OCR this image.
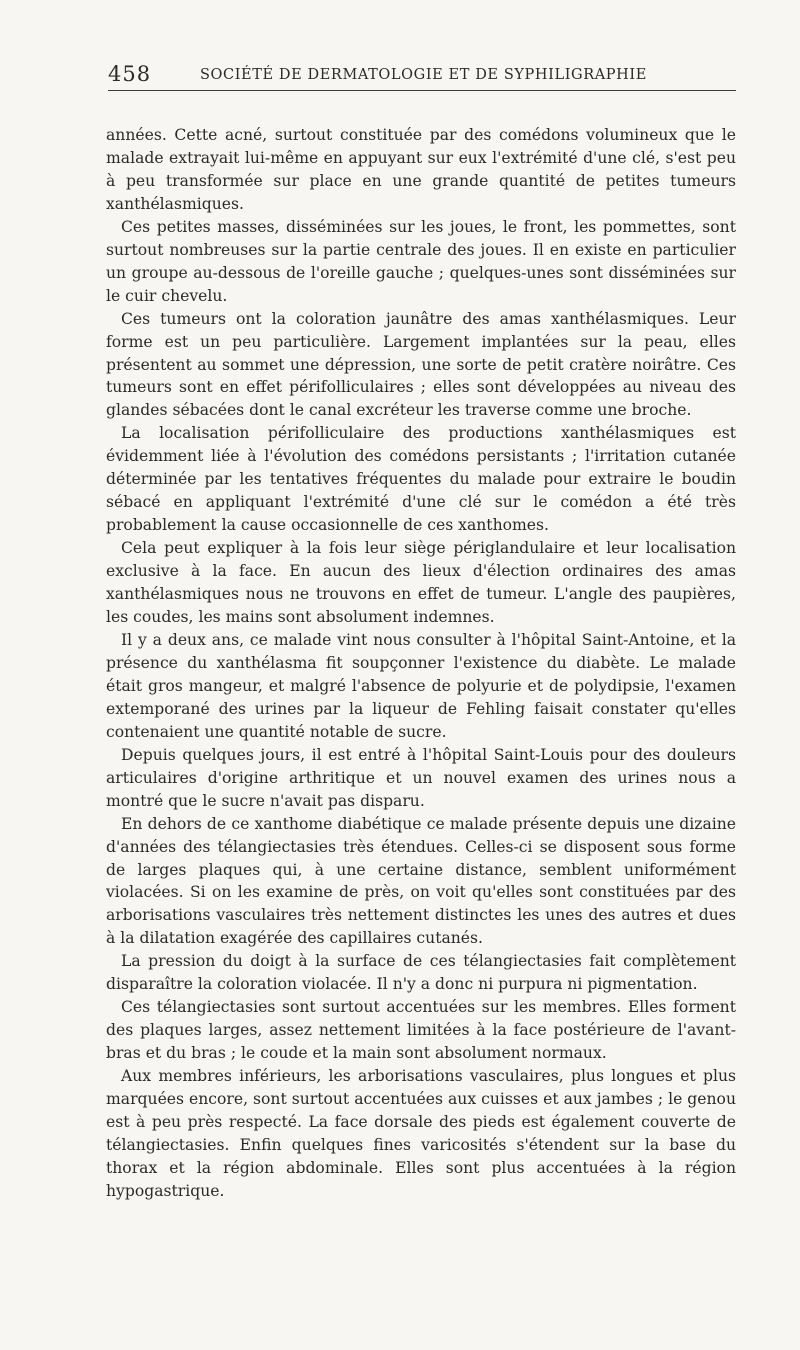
458	SOCIÉTÉ DE DERMATOLOGIE ET DE SYPHILIGRAPHIE

années. Cette acné, surtout constituée par des comédons volumineux que le malade extrayait lui-même en appuyant sur eux l'extrémité d'une clé, s'est peu à peu transformée sur place en une grande quantité de petites tumeurs xanthélasmiques.

Ces petites masses, disséminées sur les joues, le front, les pommettes, sont surtout nombreuses sur la partie centrale des joues. Il en existe en particulier un groupe au-dessous de l'oreille gauche ; quelques-unes sont disséminées sur le cuir chevelu.

Ces tumeurs ont la coloration jaunâtre des amas xanthélasmiques. Leur forme est un peu particulière. Largement implantées sur la peau, elles présentent au sommet une dépression, une sorte de petit cratère noirâtre. Ces tumeurs sont en effet périfolliculaires ; elles sont développées au niveau des glandes sébacées dont le canal excréteur les traverse comme une broche.

La localisation périfolliculaire des productions xanthélasmiques est évidemment liée à l'évolution des comédons persistants ; l'irritation cutanée déterminée par les tentatives fréquentes du malade pour extraire le boudin sébacé en appliquant l'extrémité d'une clé sur le comédon a été très probablement la cause occasionnelle de ces xanthomes.

Cela peut expliquer à la fois leur siège périglandulaire et leur localisation exclusive à la face. En aucun des lieux d'élection ordinaires des amas xanthélasmiques nous ne trouvons en effet de tumeur. L'angle des paupières, les coudes, les mains sont absolument indemnes.

Il y a deux ans, ce malade vint nous consulter à l'hôpital Saint-Antoine, et la présence du xanthélasma fit soupçonner l'existence du diabète. Le malade était gros mangeur, et malgré l'absence de polyurie et de polydipsie, l'examen extemporané des urines par la liqueur de Fehling faisait constater qu'elles contenaient une quantité notable de sucre.

Depuis quelques jours, il est entré à l'hôpital Saint-Louis pour des douleurs articulaires d'origine arthritique et un nouvel examen des urines nous a montré que le sucre n'avait pas disparu.

En dehors de ce xanthome diabétique ce malade présente depuis une dizaine d'années des télangiectasies très étendues. Celles-ci se disposent sous forme de larges plaques qui, à une certaine distance, semblent uniformément violacées. Si on les examine de près, on voit qu'elles sont constituées par des arborisations vasculaires très nettement distinctes les unes des autres et dues à la dilatation exagérée des capillaires cutanés.

La pression du doigt à la surface de ces télangiectasies fait complètement disparaître la coloration violacée. Il n'y a donc ni purpura ni pigmentation.

Ces télangiectasies sont surtout accentuées sur les membres. Elles forment des plaques larges, assez nettement limitées à la face postérieure de l'avant-bras et du bras ; le coude et la main sont absolument normaux.

Aux membres inférieurs, les arborisations vasculaires, plus longues et plus marquées encore, sont surtout accentuées aux cuisses et aux jambes ; le genou est à peu près respecté. La face dorsale des pieds est également couverte de télangiectasies. Enfin quelques fines varicosités s'étendent sur la base du thorax et la région abdominale. Elles sont plus accentuées à la région hypogastrique.
